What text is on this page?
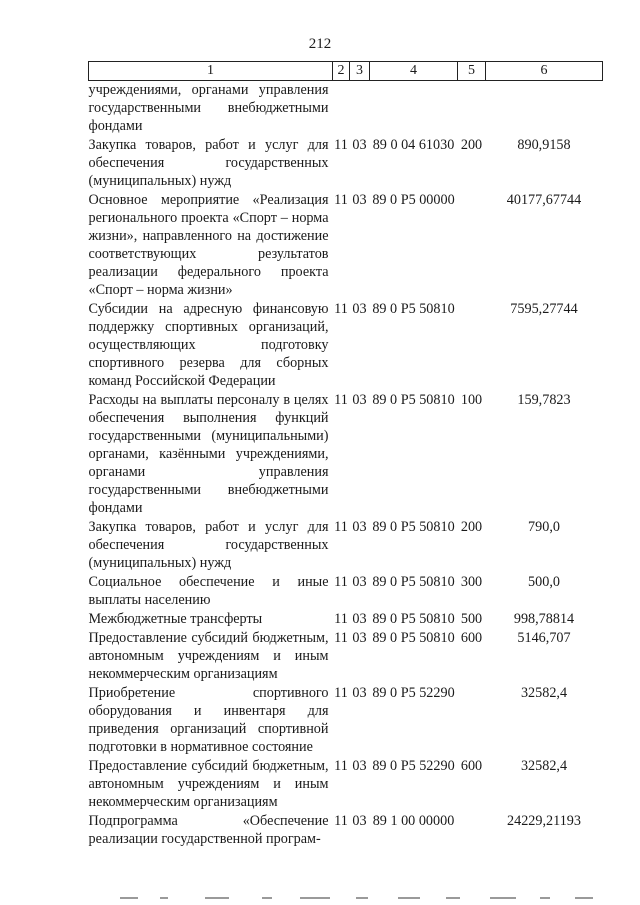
212
1	2	3	4	5	6
учреждениями, органами управления государственными внебюджетными фондами					
Закупка товаров, работ и услуг для обеспечения государственных (муниципальных) нужд	11	03	89 0 04 61030	200	890,9158
Основное мероприятие «Реализация регионального проекта «Спорт – норма жизни», направленного на достижение соответствующих результатов реализации федерального проекта «Спорт – норма жизни»	11	03	89 0 P5 00000		40177,67744
Субсидии на адресную финансовую поддержку спортивных организаций, осуществляющих подготовку спортивного резерва для сборных команд Российской Федерации	11	03	89 0 P5 50810		7595,27744
Расходы на выплаты персоналу в целях обеспечения выполнения функций государственными (муниципальными) органами, казёнными учреждениями, органами управления государственными внебюджетными фондами	11	03	89 0 P5 50810	100	159,7823
Закупка товаров, работ и услуг для обеспечения государственных (муниципальных) нужд	11	03	89 0 P5 50810	200	790,0
Социальное обеспечение и иные выплаты населению	11	03	89 0 P5 50810	300	500,0
Межбюджетные трансферты	11	03	89 0 P5 50810	500	998,78814
Предоставление субсидий бюджетным, автономным учреждениям и иным некоммерческим организациям	11	03	89 0 P5 50810	600	5146,707
Приобретение спортивного оборудования и инвентаря для приведения организаций спортивной подготовки в нормативное состояние	11	03	89 0 P5 52290		32582,4
Предоставление субсидий бюджетным, автономным учреждениям и иным некоммерческим организациям	11	03	89 0 P5 52290	600	32582,4
Подпрограмма «Обеспечение реализации государственной програм-	11	03	89 1 00 00000		24229,21193
